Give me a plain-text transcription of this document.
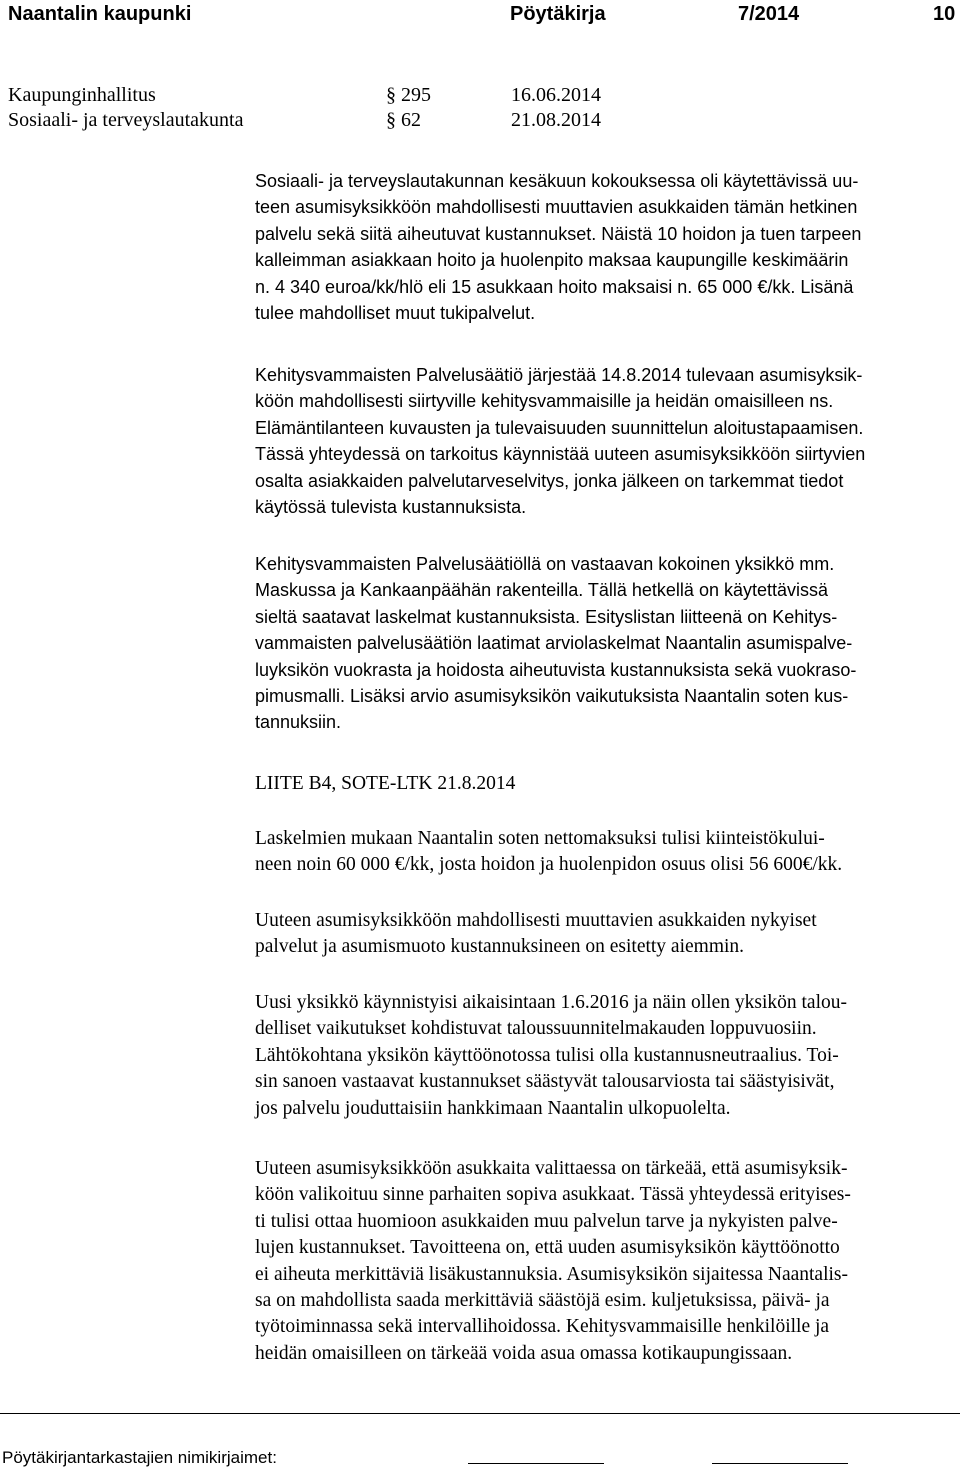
Naantalin kaupunki	Pöytäkirja	7/2014	10
Kaupunginhallitus	§ 295	16.06.2014
Sosiaali- ja terveyslautakunta	§ 62	21.08.2014
Sosiaali- ja terveyslautakunnan kesäkuun kokouksessa oli käytettävissä uu-
teen asumisyksikköön mahdollisesti muuttavien asukkaiden tämän hetkinen
palvelu sekä siitä aiheutuvat kustannukset. Näistä 10 hoidon ja tuen tarpeen
kalleimman asiakkaan hoito ja huolenpito maksaa kaupungille keskimäärin
n. 4 340 euroa/kk/hlö eli 15 asukkaan hoito maksaisi n. 65 000 €/kk. Lisänä
tulee mahdolliset muut tukipalvelut.
Kehitysvammaisten Palvelusäätiö järjestää 14.8.2014 tulevaan asumisyksik-
köön mahdollisesti siirtyville kehitysvammaisille ja heidän omaisilleen ns.
Elämäntilanteen kuvausten ja tulevaisuuden suunnittelun aloitustapaamisen.
Tässä yhteydessä on tarkoitus käynnistää uuteen asumisyksikköön siirtyvien
osalta asiakkaiden palvelutarveselvitys, jonka jälkeen on tarkemmat tiedot
käytössä tulevista kustannuksista.
Kehitysvammaisten Palvelusäätiöllä on vastaavan kokoinen yksikkö mm.
Maskussa ja Kankaanpäähän rakenteilla. Tällä hetkellä on käytettävissä
sieltä saatavat laskelmat kustannuksista. Esityslistan liitteenä on Kehitys-
vammaisten palvelusäätiön laatimat arviolaskelmat Naantalin asumispalve-
luyksikön vuokrasta ja hoidosta aiheutuvista kustannuksista sekä vuokraso-
pimusmalli. Lisäksi arvio asumisyksikön vaikutuksista Naantalin soten kus-
tannuksiin.
LIITE B4, SOTE-LTK 21.8.2014
Laskelmien mukaan Naantalin soten nettomaksuksi tulisi kiinteistökului-
neen noin 60 000 €/kk, josta hoidon ja huolenpidon osuus olisi 56 600€/kk.
Uuteen asumisyksikköön mahdollisesti muuttavien asukkaiden nykyiset
palvelut ja asumismuoto kustannuksineen on esitetty aiemmin.
Uusi yksikkö käynnistyisi aikaisintaan 1.6.2016 ja näin ollen yksikön talou-
delliset vaikutukset kohdistuvat taloussuunnitelmakauden loppuvuosiin.
Lähtökohtana yksikön käyttöönotossa tulisi olla kustannusneutraalius. Toi-
sin sanoen vastaavat kustannukset säästyvät talousarviosta tai säästyisivät,
jos palvelu jouduttaisiin hankkimaan Naantalin ulkopuolelta.
Uuteen asumisyksikköön asukkaita valittaessa on tärkeää, että asumisyksik-
köön valikoituu sinne parhaiten sopiva asukkaat. Tässä yhteydessä erityises-
ti tulisi ottaa huomioon asukkaiden muu palvelun tarve ja nykyisten palve-
lujen kustannukset. Tavoitteena on, että uuden asumisyksikön käyttöönotto
ei aiheuta merkittäviä lisäkustannuksia. Asumisyksikön sijaitessa Naantalis-
sa on mahdollista saada merkittäviä säästöjä esim. kuljetuksissa, päivä- ja
työtoiminnassa sekä intervallihoidossa. Kehitysvammaisille henkilöille ja
heidän omaisilleen on tärkeää voida asua omassa kotikaupungissaan.
Pöytäkirjantarkastajien nimikirjaimet:
